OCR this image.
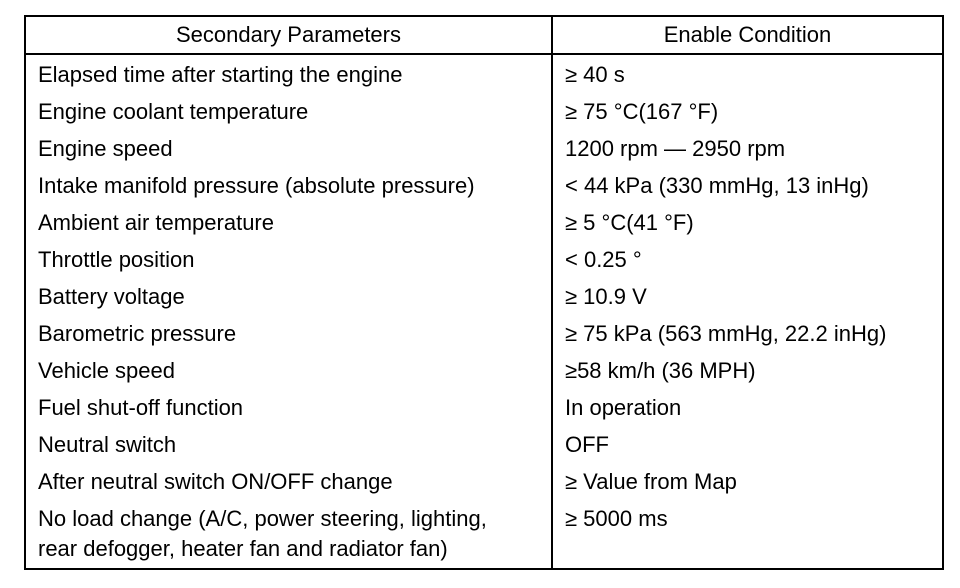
Secondary Parameters	Enable Condition
Elapsed time after starting the engine	≥ 40 s
Engine coolant temperature	≥ 75 °C(167 °F)
Engine speed	1200 rpm — 2950 rpm
Intake manifold pressure (absolute pressure)	< 44 kPa (330 mmHg, 13 inHg)
Ambient air temperature	≥ 5 °C(41 °F)
Throttle position	< 0.25 °
Battery voltage	≥ 10.9 V
Barometric pressure	≥ 75 kPa (563 mmHg, 22.2 inHg)
Vehicle speed	≥58 km/h (36 MPH)
Fuel shut-off function	In operation
Neutral switch	OFF
After neutral switch ON/OFF change	≥ Value from Map

No load change (A/C, power steering, lighting,
rear defogger, heater fan and radiator fan)	≥ 5000 ms
